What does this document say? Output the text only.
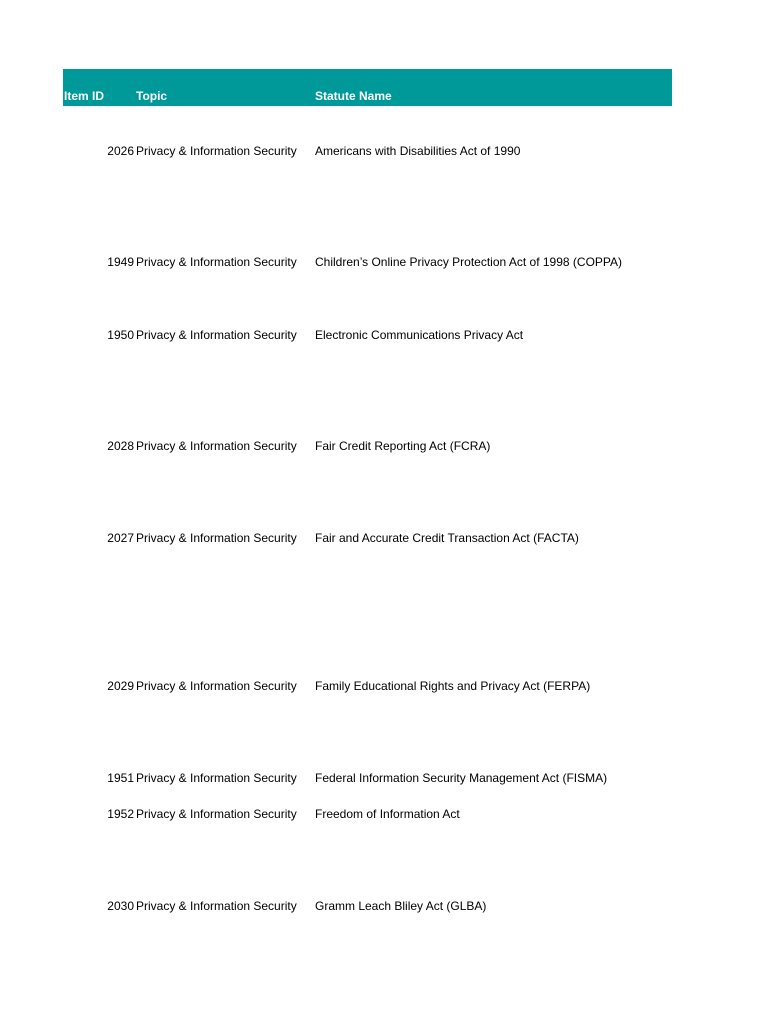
Item ID	Topic	Statute Name
2026 Privacy & Information Security Americans with Disabilities Act of 1990
1949 Privacy & Information Security Children’s Online Privacy Protection Act of 1998 (COPPA)
1950 Privacy & Information Security Electronic Communications Privacy Act
2028 Privacy & Information Security Fair Credit Reporting Act (FCRA)
2027 Privacy & Information Security Fair and Accurate Credit Transaction Act (FACTA)
2029 Privacy & Information Security Family Educational Rights and Privacy Act (FERPA)
1951 Privacy & Information Security Federal Information Security Management Act (FISMA)
1952 Privacy & Information Security Freedom of Information Act
2030 Privacy & Information Security Gramm Leach Bliley Act (GLBA)
